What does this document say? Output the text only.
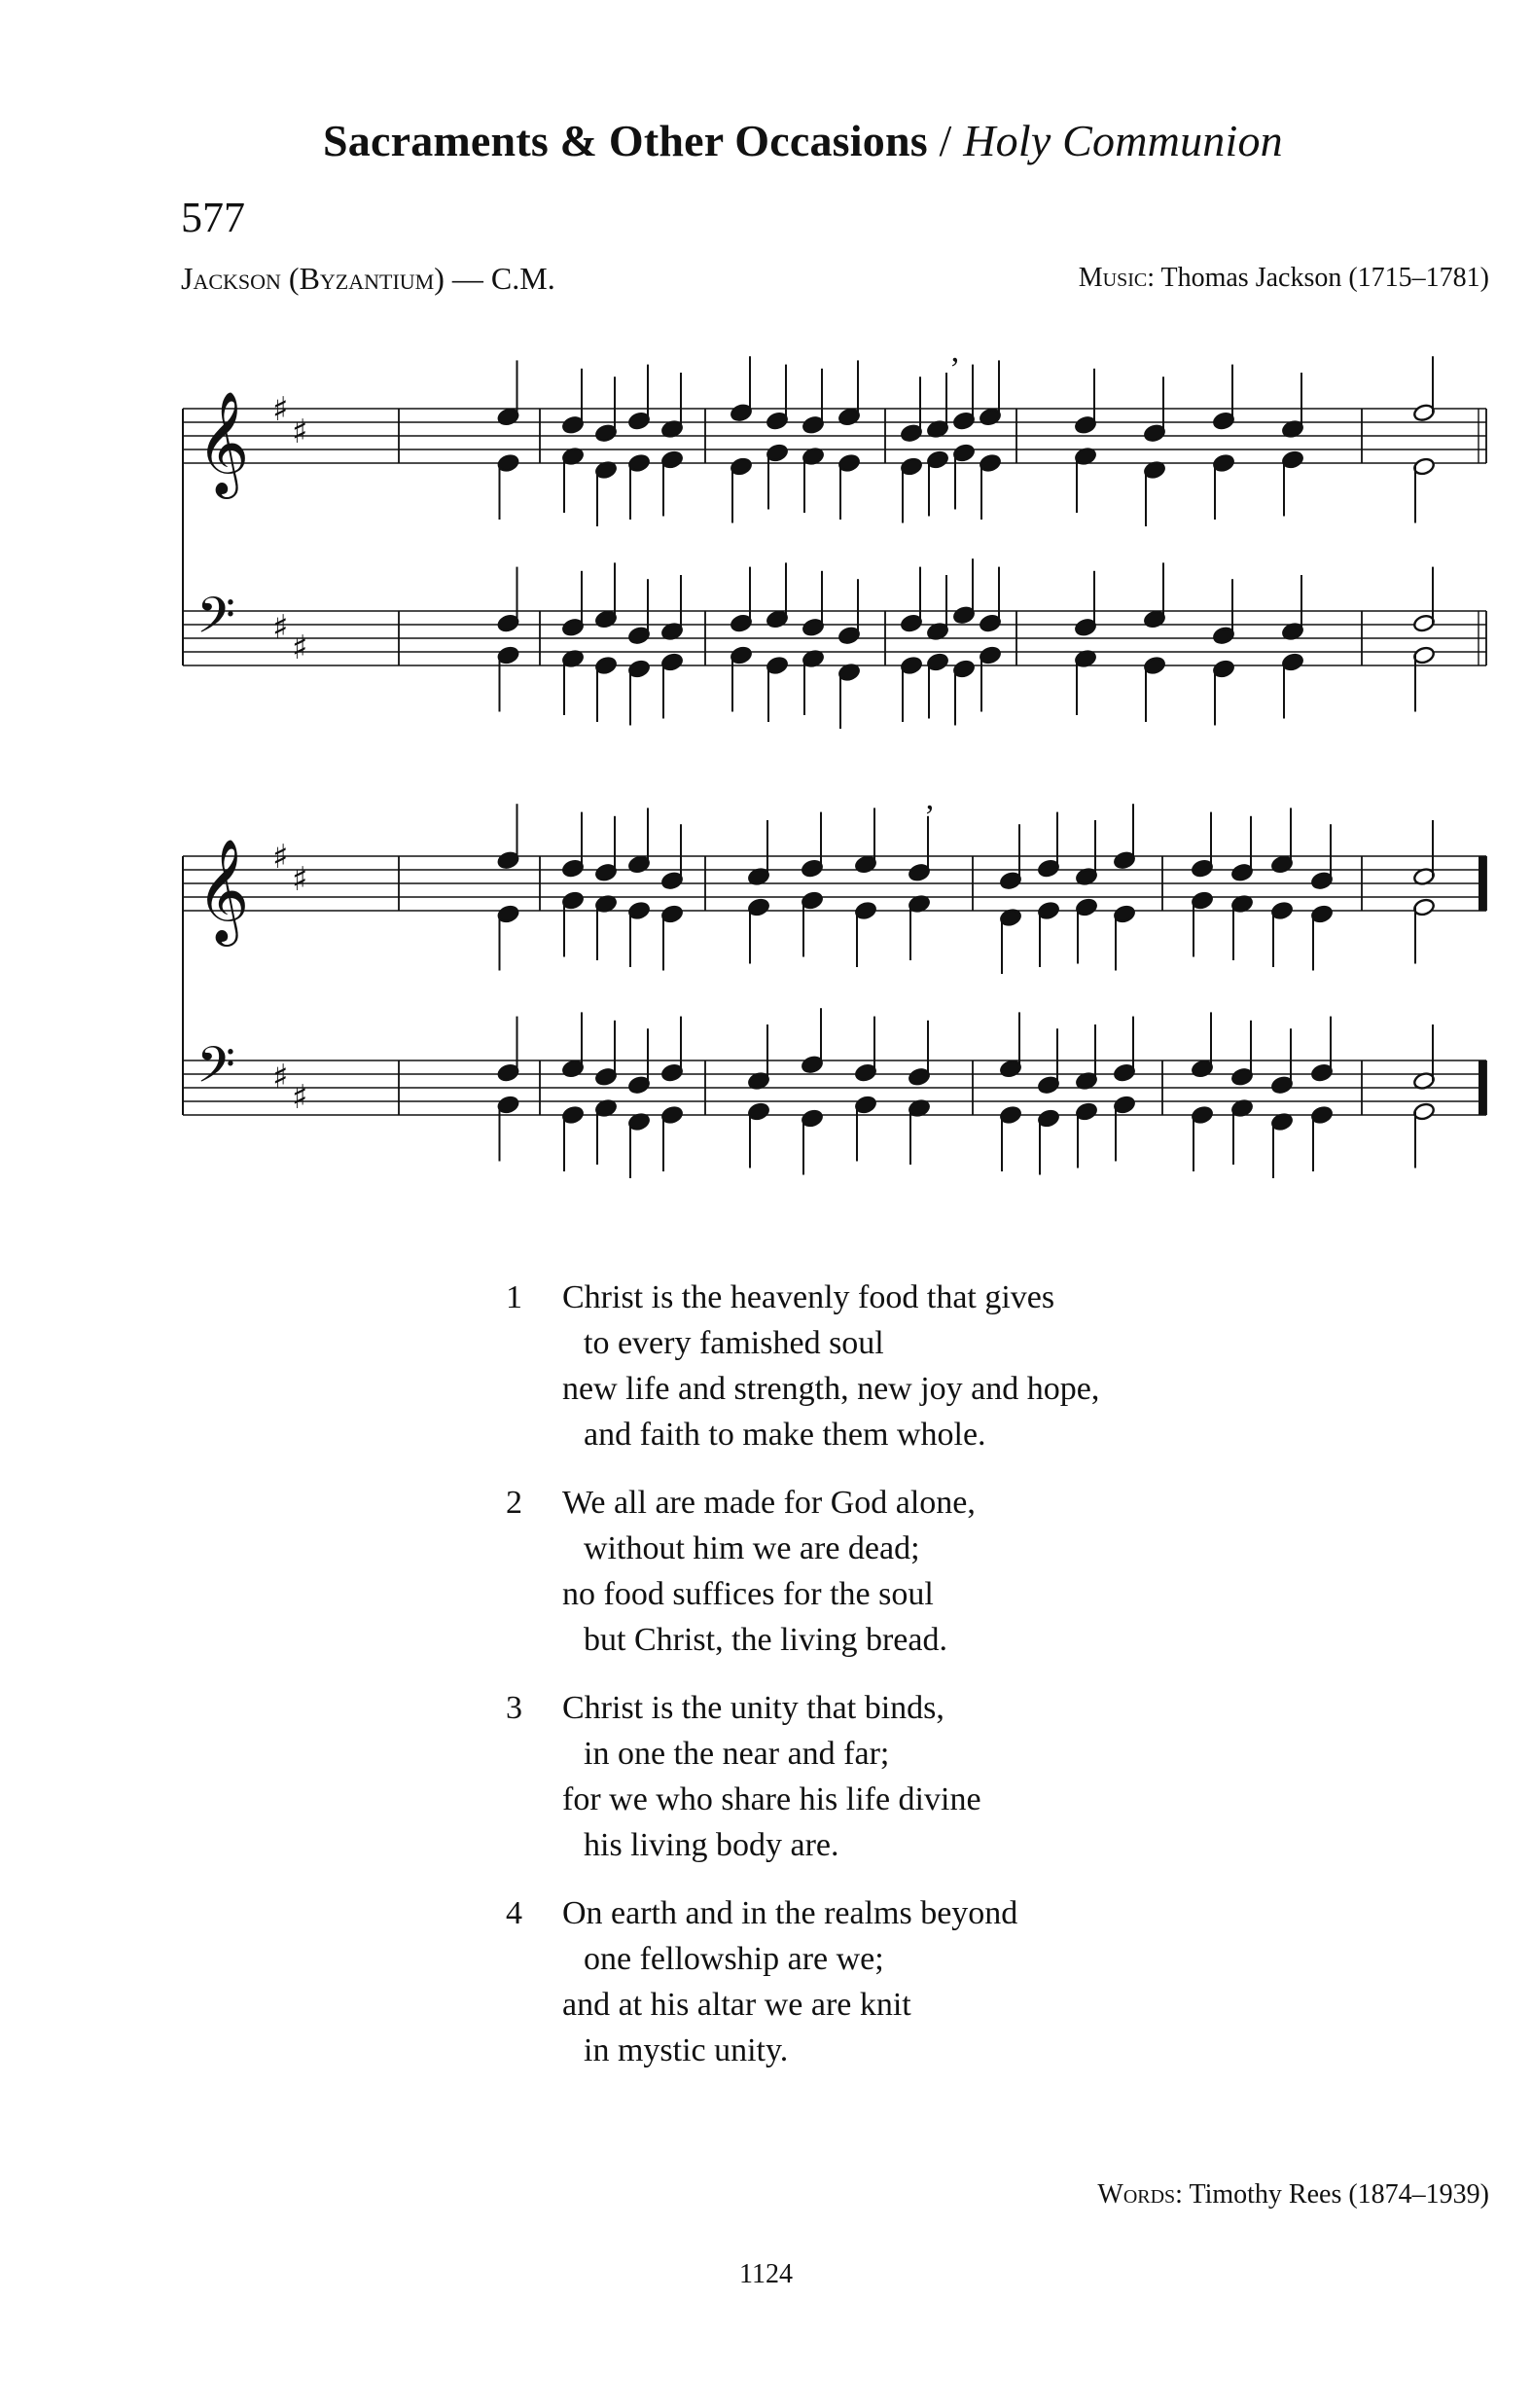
Sacraments & Other Occasions / Holy Communion
577
Jackson (Byzantium) — C.M.	Music: Thomas Jackson (1715–1781)
𝄞 ♯
♯
𝄢 ♯
♯
’
𝄞 ♯
♯
𝄢 ♯
♯
’
1 Christ is the heavenly food that gives
to every famished soul
new life and strength, new joy and hope,
and faith to make them whole.
2 We all are made for God alone,
without him we are dead;
no food suffices for the soul
but Christ, the living bread.
3 Christ is the unity that binds,
in one the near and far;
for we who share his life divine
his living body are.
4 On earth and in the realms beyond
one fellowship are we;
and at his altar we are knit
in mystic unity.
Words: Timothy Rees (1874–1939)
1124
